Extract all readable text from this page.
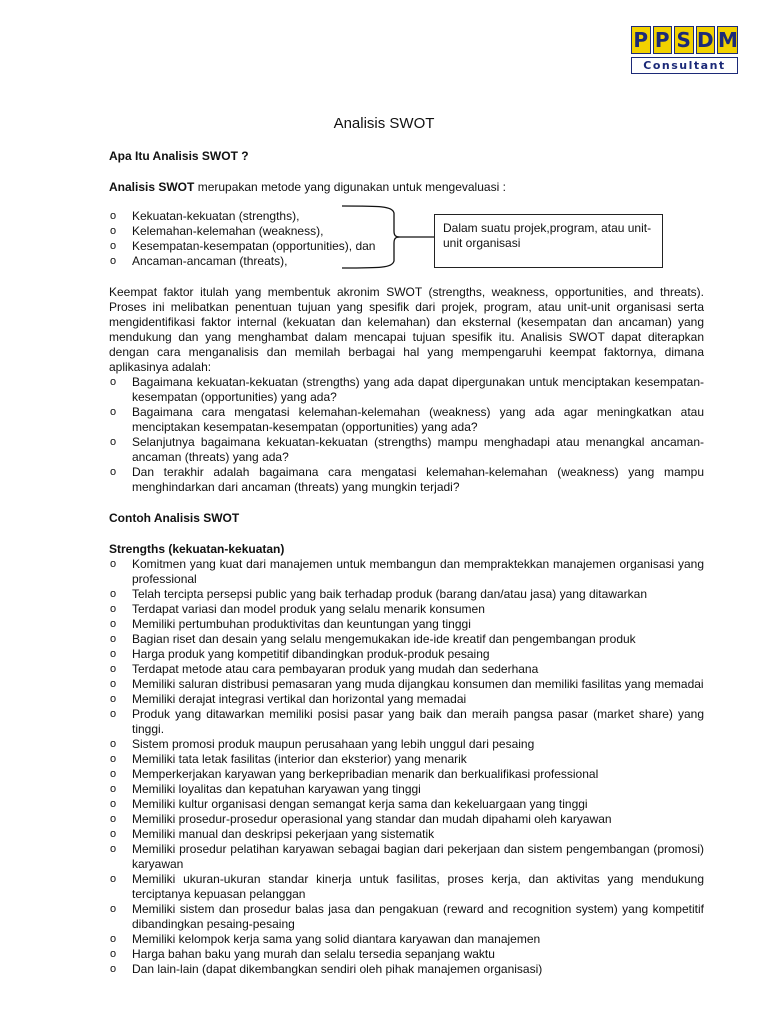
P P S D M
Consultant
Analisis SWOT

Apa Itu Analisis SWOT ?

Analisis SWOT merupakan metode yang digunakan untuk mengevaluasi :

o Kekuatan-kekuatan (strengths),
o Kelemahan-kelemahan (weakness),
o Kesempatan-kesempatan (opportunities), dan
o Ancaman-ancaman (threats),

Keempat faktor itulah yang membentuk akronim SWOT (strengths, weakness, opportunities, and threats). Proses ini melibatkan penentuan tujuan yang spesifik dari projek, program, atau unit-unit organisasi serta mengidentifikasi faktor internal (kekuatan dan kelemahan) dan eksternal (kesempatan dan ancaman) yang mendukung dan yang menghambat dalam mencapai tujuan spesifik itu. Analisis SWOT dapat diterapkan dengan cara menganalisis dan memilah berbagai hal yang mempengaruhi keempat faktornya, dimana aplikasinya adalah:

o Bagaimana kekuatan-kekuatan (strengths) yang ada dapat dipergunakan untuk menciptakan kesempatan-kesempatan (opportunities) yang ada?
o Bagaimana cara mengatasi kelemahan-kelemahan (weakness) yang ada agar meningkatkan atau menciptakan kesempatan-kesempatan (opportunities) yang ada?
o Selanjutnya bagaimana kekuatan-kekuatan (strengths) mampu menghadapi atau menangkal ancaman-ancaman (threats) yang ada?
o Dan terakhir adalah bagaimana cara mengatasi kelemahan-kelemahan (weakness) yang mampu menghindarkan dari ancaman (threats) yang mungkin terjadi?

Contoh Analisis SWOT

Strengths (kekuatan-kekuatan)

o Komitmen yang kuat dari manajemen untuk membangun dan mempraktekkan manajemen organisasi yang professional
o Telah tercipta persepsi public yang baik terhadap produk (barang dan/atau jasa) yang ditawarkan
o Terdapat variasi dan model produk yang selalu menarik konsumen
o Memiliki pertumbuhan produktivitas dan keuntungan yang tinggi
o Bagian riset dan desain yang selalu mengemukakan ide-ide kreatif dan pengembangan produk
o Harga produk yang kompetitif dibandingkan produk-produk pesaing
o Terdapat metode atau cara pembayaran produk yang mudah dan sederhana
o Memiliki saluran distribusi pemasaran yang muda dijangkau konsumen dan memiliki fasilitas yang memadai
o Memiliki derajat integrasi vertikal dan horizontal yang memadai
o Produk yang ditawarkan memiliki posisi pasar yang baik dan meraih pangsa pasar (market share) yang tinggi.
o Sistem promosi produk maupun perusahaan yang lebih unggul dari pesaing
o Memiliki tata letak fasilitas (interior dan eksterior) yang menarik
o Memperkerjakan karyawan yang berkepribadian menarik dan berkualifikasi professional
o Memiliki loyalitas dan kepatuhan karyawan yang tinggi
o Memiliki kultur organisasi dengan semangat kerja sama dan kekeluargaan yang tinggi
o Memiliki prosedur-prosedur operasional yang standar dan mudah dipahami oleh karyawan
o Memiliki manual dan deskripsi pekerjaan yang sistematik
o Memiliki prosedur pelatihan karyawan sebagai bagian dari pekerjaan dan sistem pengembangan (promosi) karyawan
o Memiliki ukuran-ukuran standar kinerja untuk fasilitas, proses kerja, dan aktivitas yang mendukung terciptanya kepuasan pelanggan
o Memiliki sistem dan prosedur balas jasa dan pengakuan (reward and recognition system) yang kompetitif dibandingkan pesaing-pesaing
o Memiliki kelompok kerja sama yang solid diantara karyawan dan manajemen
o Harga bahan baku yang murah dan selalu tersedia sepanjang waktu
o Dan lain-lain (dapat dikembangkan sendiri oleh pihak manajemen organisasi)
Dalam suatu projek,program, atau unit-unit organisasi
